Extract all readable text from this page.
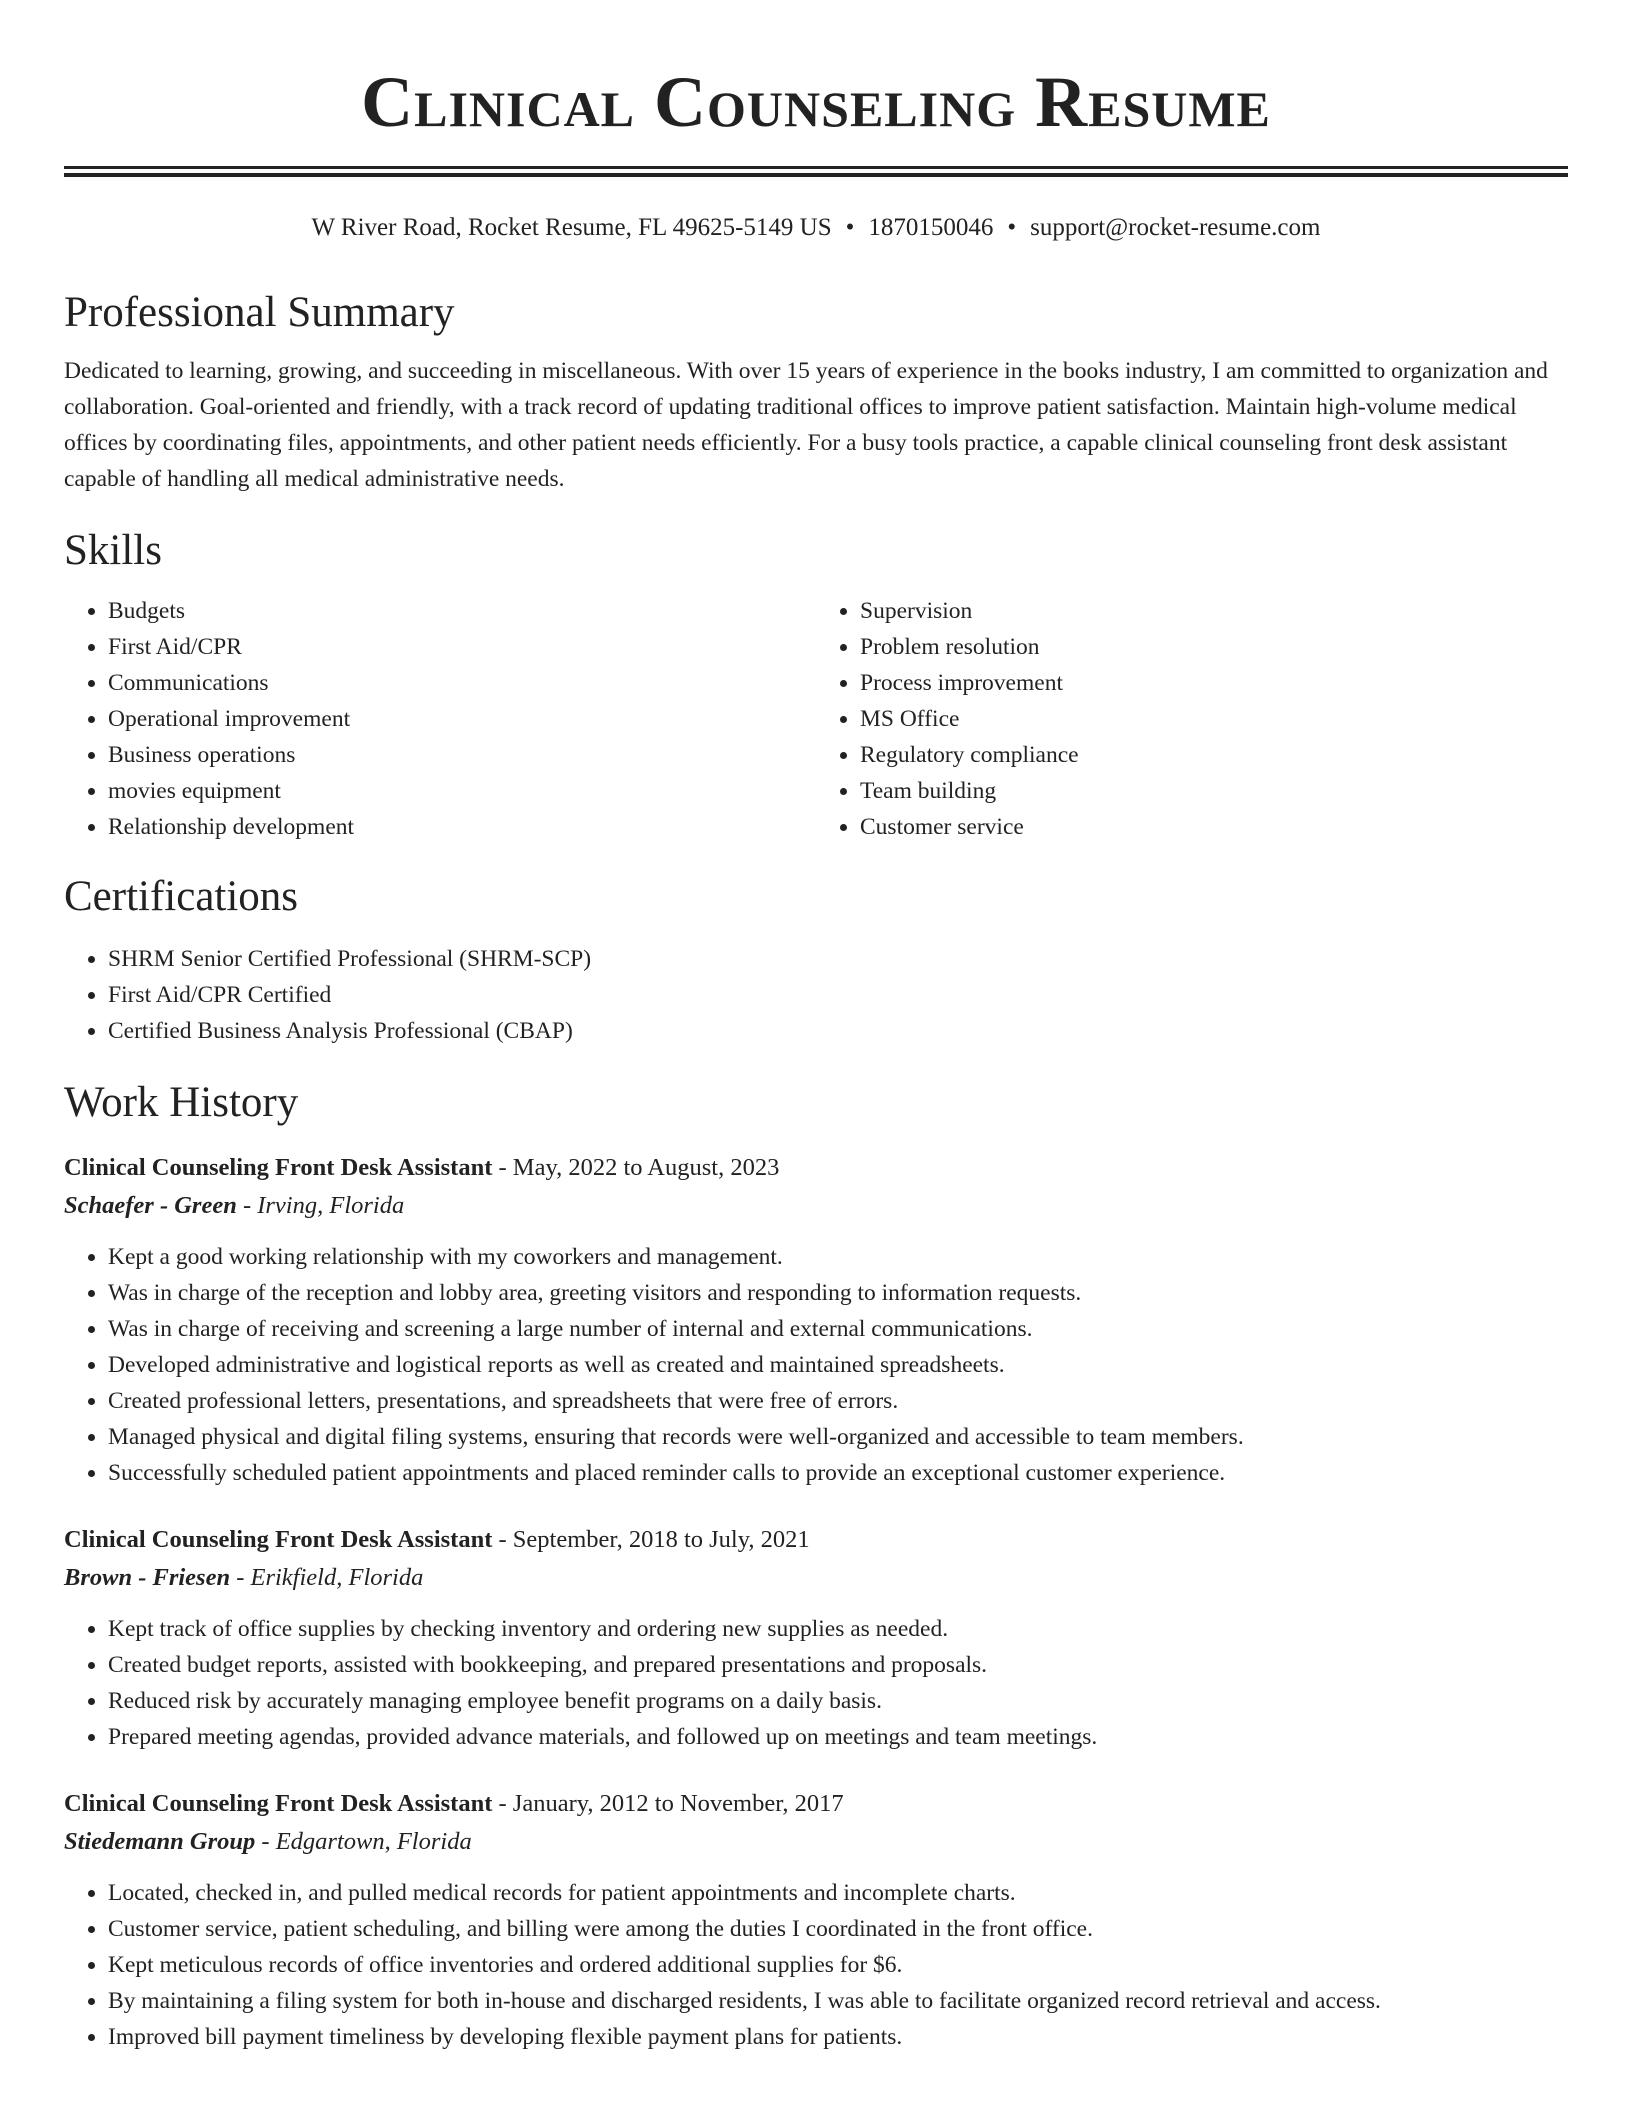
Clinical Counseling Resume
W River Road, Rocket Resume, FL 49625-5149 US • 1870150046 • support@rocket-resume.com
Professional Summary

Dedicated to learning, growing, and succeeding in miscellaneous. With over 15 years of experience in the books industry, I am committed to organization and collaboration. Goal-oriented and friendly, with a track record of updating traditional offices to improve patient satisfaction. Maintain high-volume medical offices by coordinating files, appointments, and other patient needs efficiently. For a busy tools practice, a capable clinical counseling front desk assistant capable of handling all medical administrative needs.

Skills
• Budgets
• First Aid/CPR
• Communications
• Operational improvement
• Business operations
• movies equipment
• Relationship development
• Supervision
• Problem resolution
• Process improvement
• MS Office
• Regulatory compliance
• Team building
• Customer service
Certifications
• SHRM Senior Certified Professional (SHRM-SCP)
• First Aid/CPR Certified
• Certified Business Analysis Professional (CBAP)
Work History
Clinical Counseling Front Desk Assistant - May, 2022 to August, 2023
Schaefer - Green - Irving, Florida
• Kept a good working relationship with my coworkers and management.
• Was in charge of the reception and lobby area, greeting visitors and responding to information requests.
• Was in charge of receiving and screening a large number of internal and external communications.
• Developed administrative and logistical reports as well as created and maintained spreadsheets.
• Created professional letters, presentations, and spreadsheets that were free of errors.
• Managed physical and digital filing systems, ensuring that records were well-organized and accessible to team members.
• Successfully scheduled patient appointments and placed reminder calls to provide an exceptional customer experience.
Clinical Counseling Front Desk Assistant - September, 2018 to July, 2021
Brown - Friesen - Erikfield, Florida
• Kept track of office supplies by checking inventory and ordering new supplies as needed.
• Created budget reports, assisted with bookkeeping, and prepared presentations and proposals.
• Reduced risk by accurately managing employee benefit programs on a daily basis.
• Prepared meeting agendas, provided advance materials, and followed up on meetings and team meetings.
Clinical Counseling Front Desk Assistant - January, 2012 to November, 2017
Stiedemann Group - Edgartown, Florida
• Located, checked in, and pulled medical records for patient appointments and incomplete charts.
• Customer service, patient scheduling, and billing were among the duties I coordinated in the front office.
• Kept meticulous records of office inventories and ordered additional supplies for $6.
• By maintaining a filing system for both in-house and discharged residents, I was able to facilitate organized record retrieval and access.
• Improved bill payment timeliness by developing flexible payment plans for patients.
